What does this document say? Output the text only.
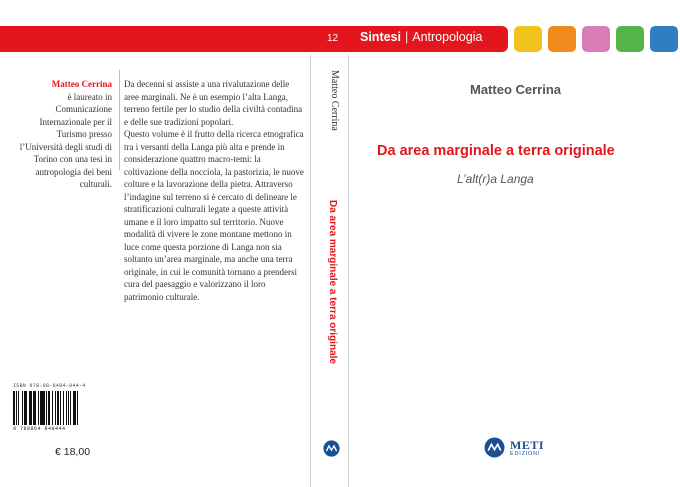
12 Sintesi | Antropologia
Matteo Cerrina
è laureato in Comunicazione Internazionale per il Turismo presso l’Università degli studi di Torino con una tesi in antropologia dei beni culturali.

Da decenni si assiste a una rivalutazione delle aree marginali. Ne è un esempio l’alta Langa, terreno fertile per lo studio della civiltà contadina e delle sue tradizioni popolari.

Questo volume è il frutto della ricerca etnografica tra i versanti della Langa più alta e prende in considerazione quattro macro-temi: la coltivazione della nocciola, la pastorizia, le nuove colture e la lavorazione della pietra. Attraverso l’indagine sul terreno si è cercato di delineare le stratificazioni culturali legate a queste attività umane e il loro impatto sul territorio. Nuove modalità di vivere le zone montane mettono in luce come questa porzione di Langa non sia soltanto un’area marginale, ma anche una terra originale, in cui le comunità tornano a prendersi cura del paesaggio e valorizzano il loro patrimonio culturale.

ISBN 978-88-6484-044-4
9 788864 840444
€ 18,00
Matteo Cerrina
Da area marginale a terra originale
Matteo Cerrina
Da area marginale a terra originale
L’alt(r)a Langa
METI
EDIZIONI
